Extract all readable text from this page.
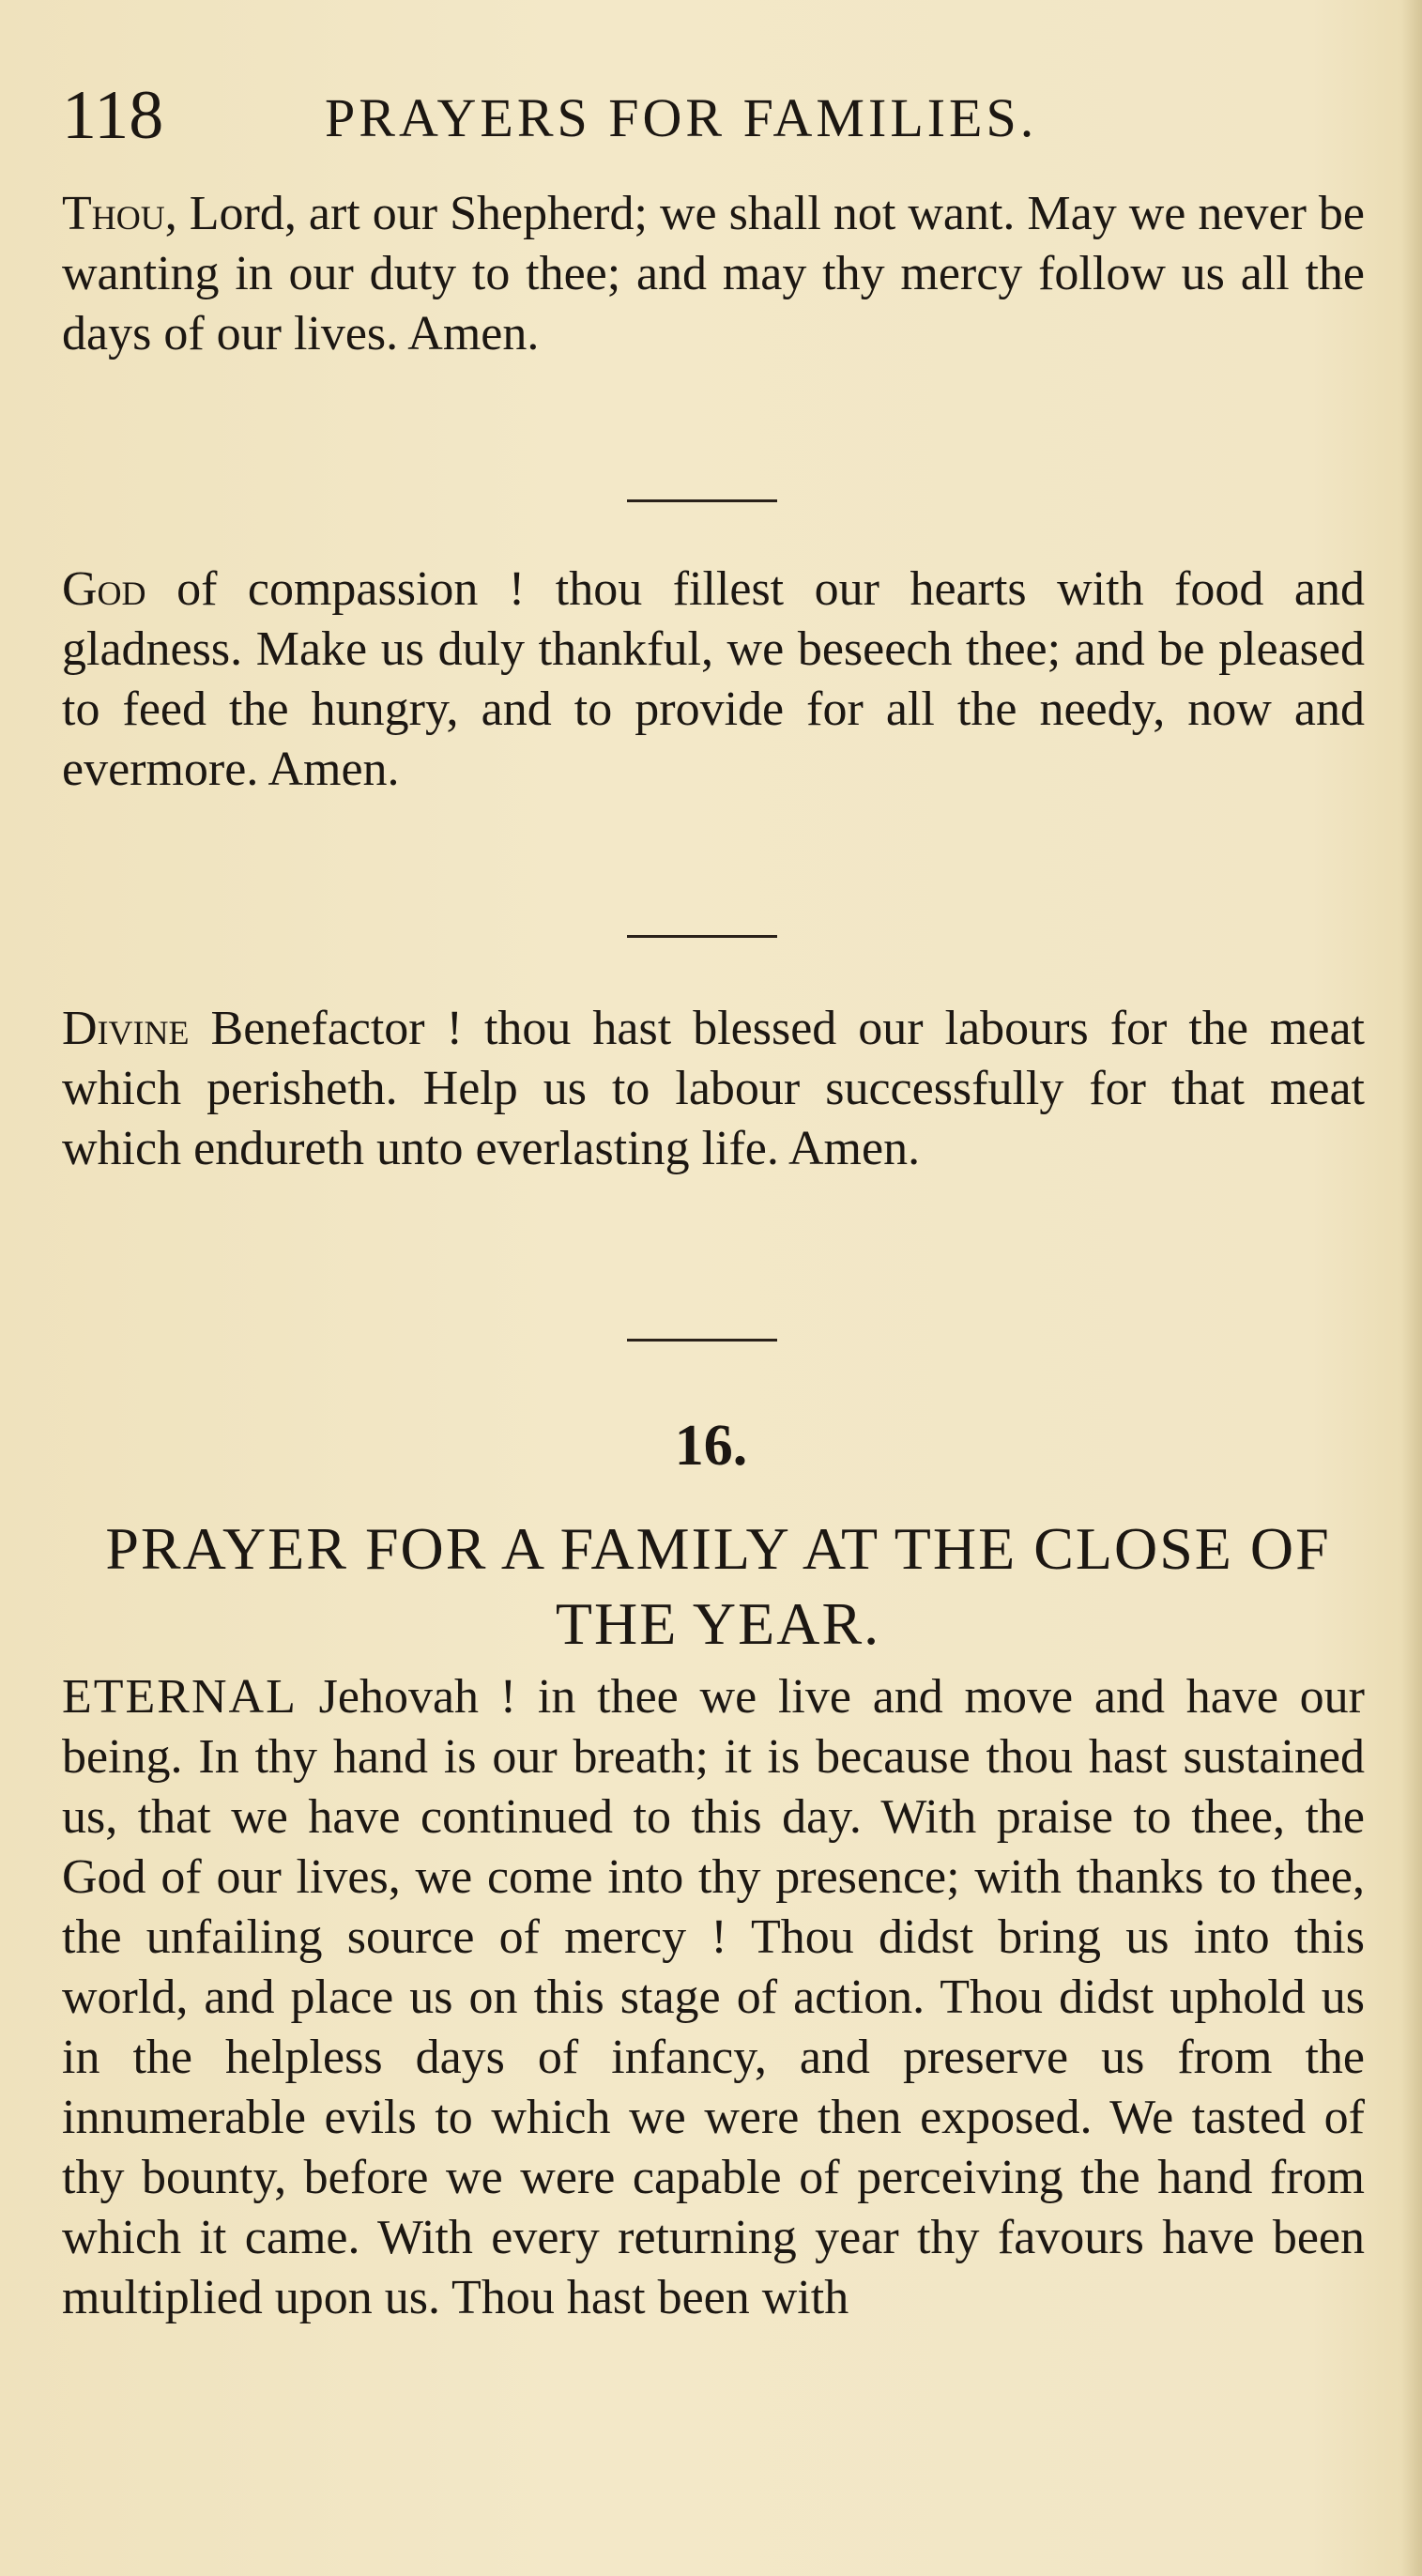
118	PRAYERS FOR FAMILIES.

Thou, Lord, art our Shepherd; we shall not want. May we never be wanting in our duty to thee; and may thy mercy follow us all the days of our lives. Amen.

God of compassion ! thou fillest our hearts with food and gladness. Make us duly thankful, we beseech thee; and be pleased to feed the hungry, and to provide for all the needy, now and evermore. Amen.

Divine Benefactor ! thou hast blessed our labours for the meat which perisheth. Help us to labour successfully for that meat which endureth unto everlasting life. Amen.

16.
PRAYER FOR A FAMILY AT THE CLOSE OF THE YEAR.

ETERNAL Jehovah ! in thee we live and move and have our being. In thy hand is our breath; it is because thou hast sustained us, that we have continued to this day. With praise to thee, the God of our lives, we come into thy presence; with thanks to thee, the unfailing source of mercy ! Thou didst bring us into this world, and place us on this stage of action. Thou didst uphold us in the helpless days of infancy, and preserve us from the innumerable evils to which we were then exposed. We tasted of thy bounty, before we were capable of perceiving the hand from which it came. With every returning year thy favours have been multiplied upon us. Thou hast been with
